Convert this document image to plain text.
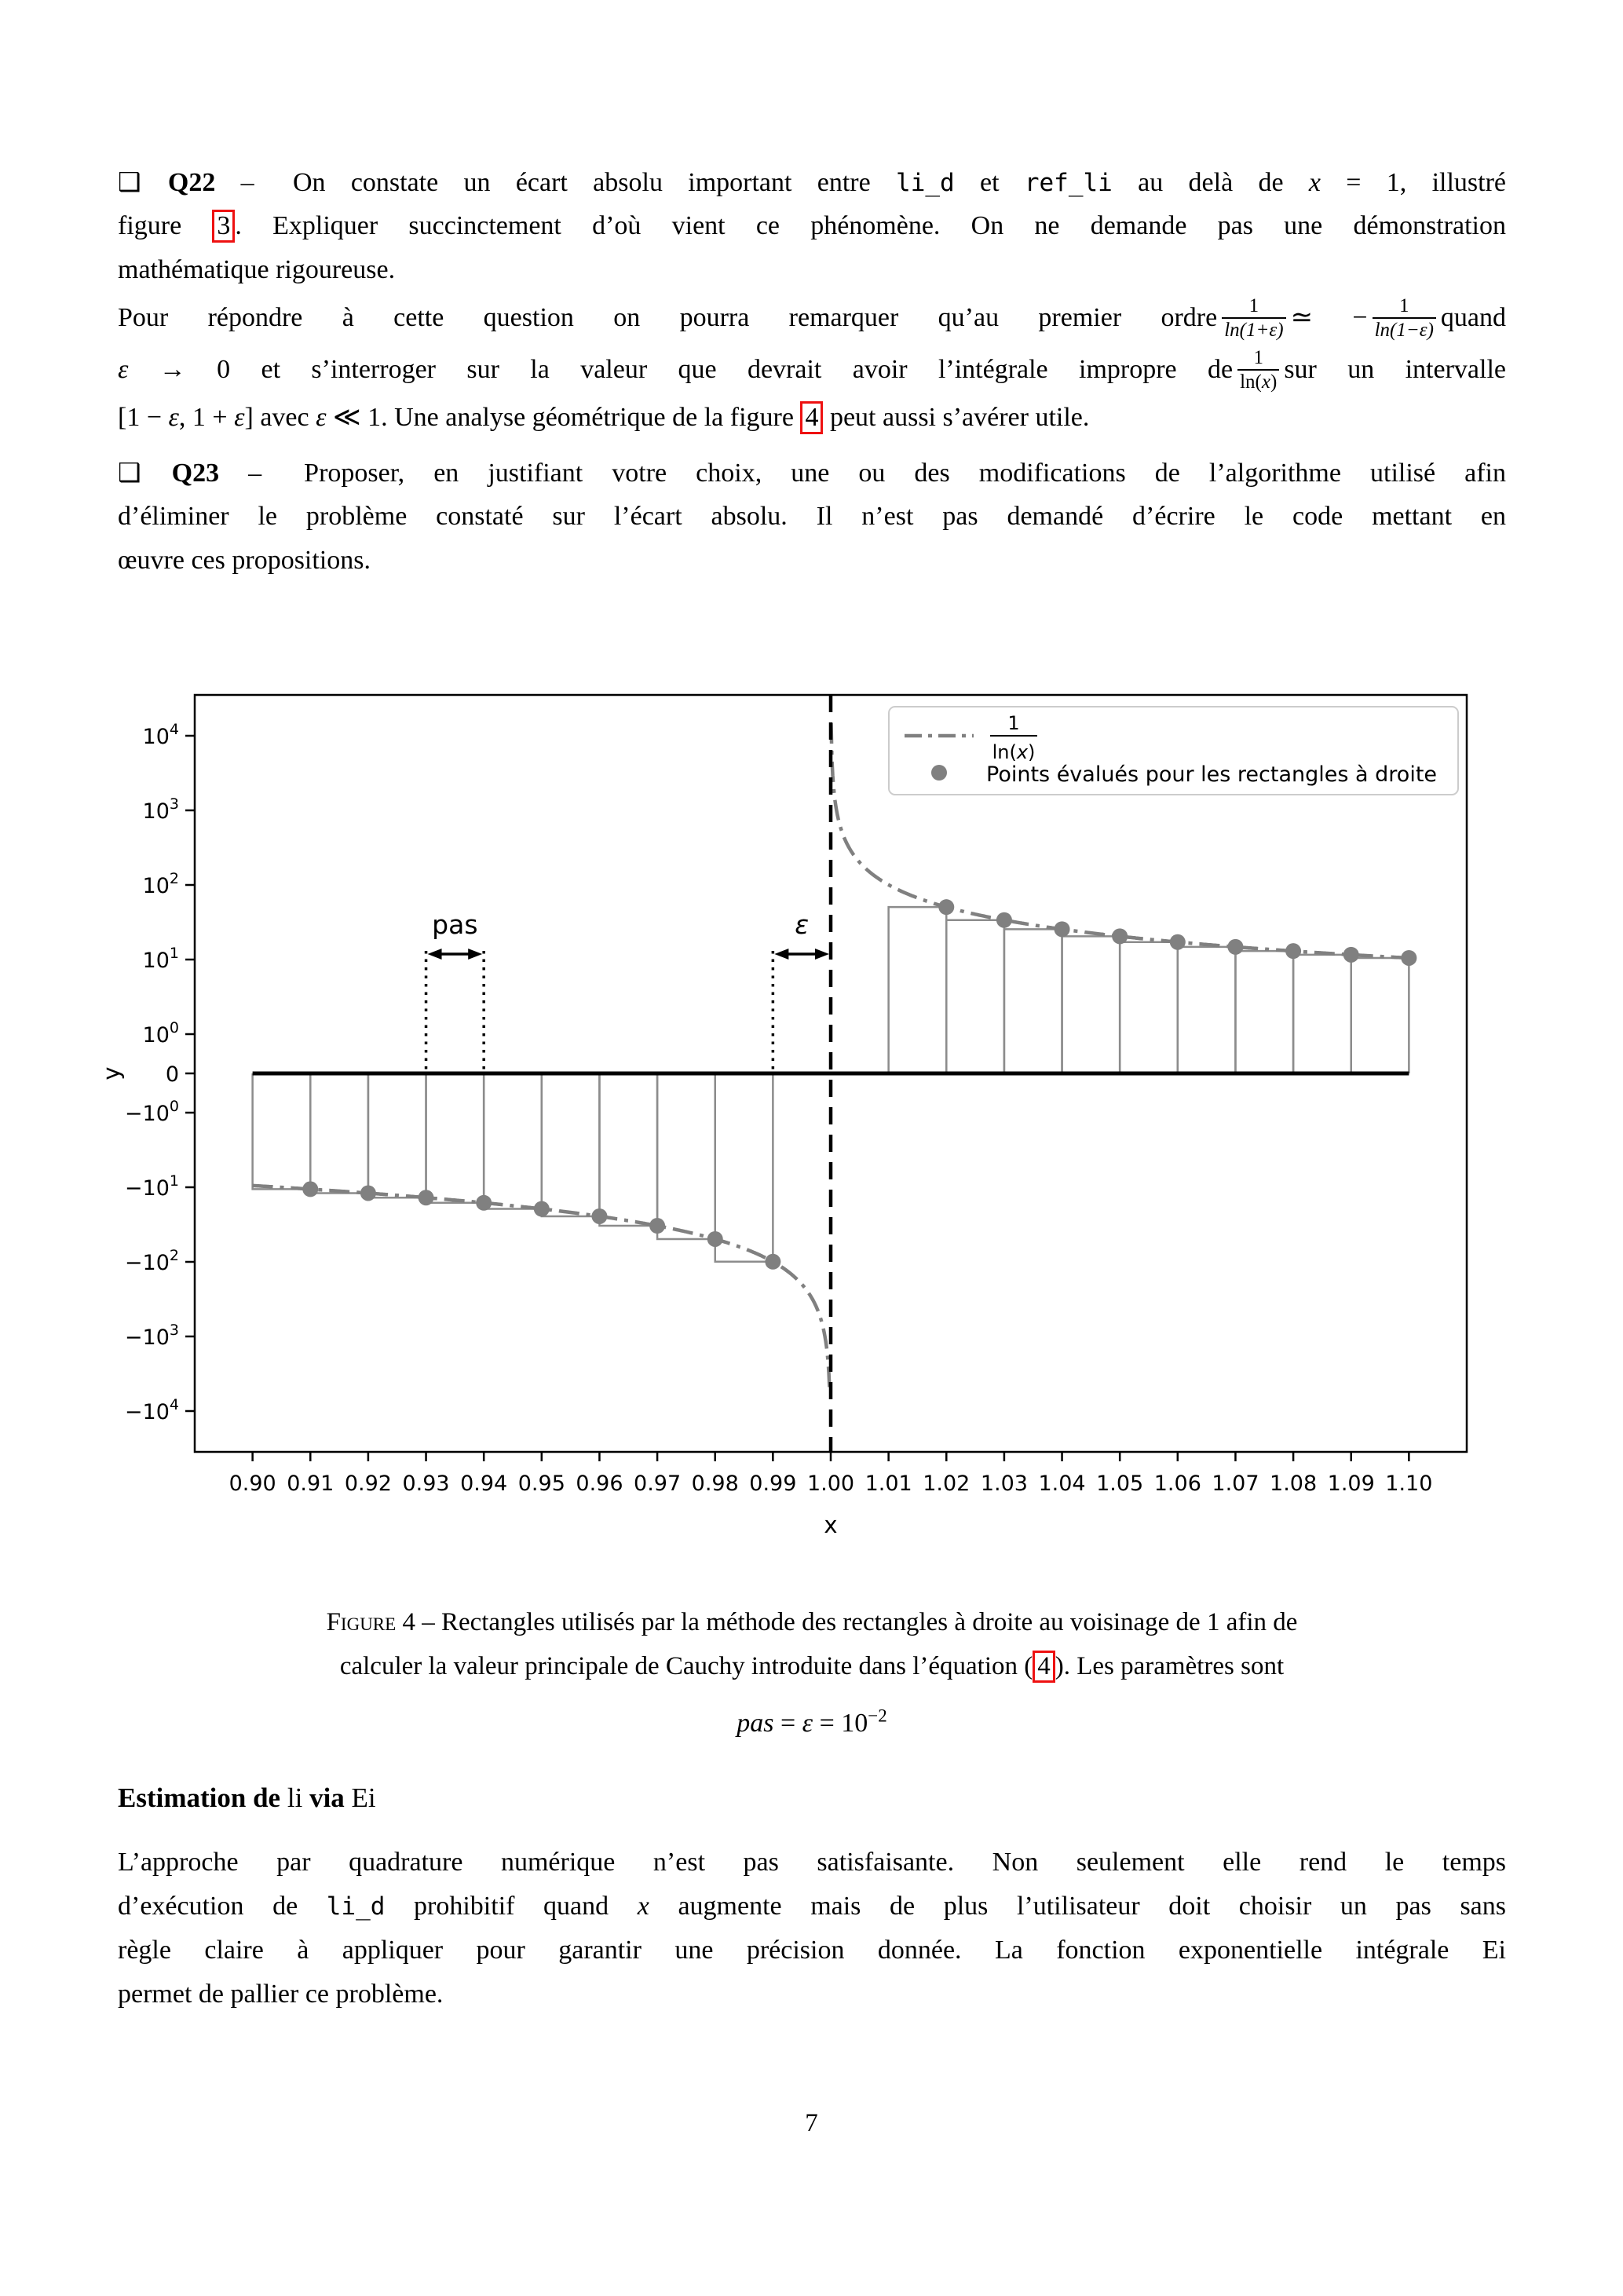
pas	ε
0.90 0.91 0.92 0.93 0.94 0.95 0.96 0.97 0.98 0.99 1.00 1.01 1.02 1.03 1.04 1.05 1.06 1.07 1.08 1.09 1.10
x
$10^4$
$10^3$
$10^2$
$10^1$
$10^0$
0
$-10^0$
$-10^1$
$-10^2$
$-10^3$
$-10^4$
y
1
ln(x)
Points évalués pour les rectangles à droite
❑ Q22 –  On constate un écart absolu important entre li_d et ref_li au delà de x = 1, illustré
figure 3 . Expliquer succinctement d’où vient ce phénomène. On ne demande pas une démonstration
mathématique rigoureuse.
Pour répondre à cette question on pourra remarquer qu’au premier ordre $\frac{1}{\ln(1+\varepsilon)}$ ≃ − $\frac{1}{\ln(1-\varepsilon)}$ quand
ε → 0 et s’interroger sur la valeur que devrait avoir l’intégrale impropre de $\frac{1}{\ln(x)}$ sur un intervalle
[1 − ε, 1 + ε] avec ε ≪ 1. Une analyse géométrique de la figure 4 peut aussi s’avérer utile.
❑ Q23 –  Proposer, en justifiant votre choix, une ou des modifications de l’algorithme utilisé afin
d’éliminer le problème constaté sur l’écart absolu. Il n’est pas demandé d’écrire le code mettant en
œuvre ces propositions.
Figure 4 – Rectangles utilisés par la méthode des rectangles à droite au voisinage de 1 afin de
calculer la valeur principale de Cauchy introduite dans l’équation ( 4 ). Les paramètres sont
pas = $\varepsilon = 10^{-2}$
Estimation de li via Ei
L’approche par quadrature numérique n’est pas satisfaisante. Non seulement elle rend le temps
d’exécution de li_d prohibitif quand x augmente mais de plus l’utilisateur doit choisir un pas sans
règle claire à appliquer pour garantir une précision donnée. La fonction exponentielle intégrale Ei
permet de pallier ce problème.
7
